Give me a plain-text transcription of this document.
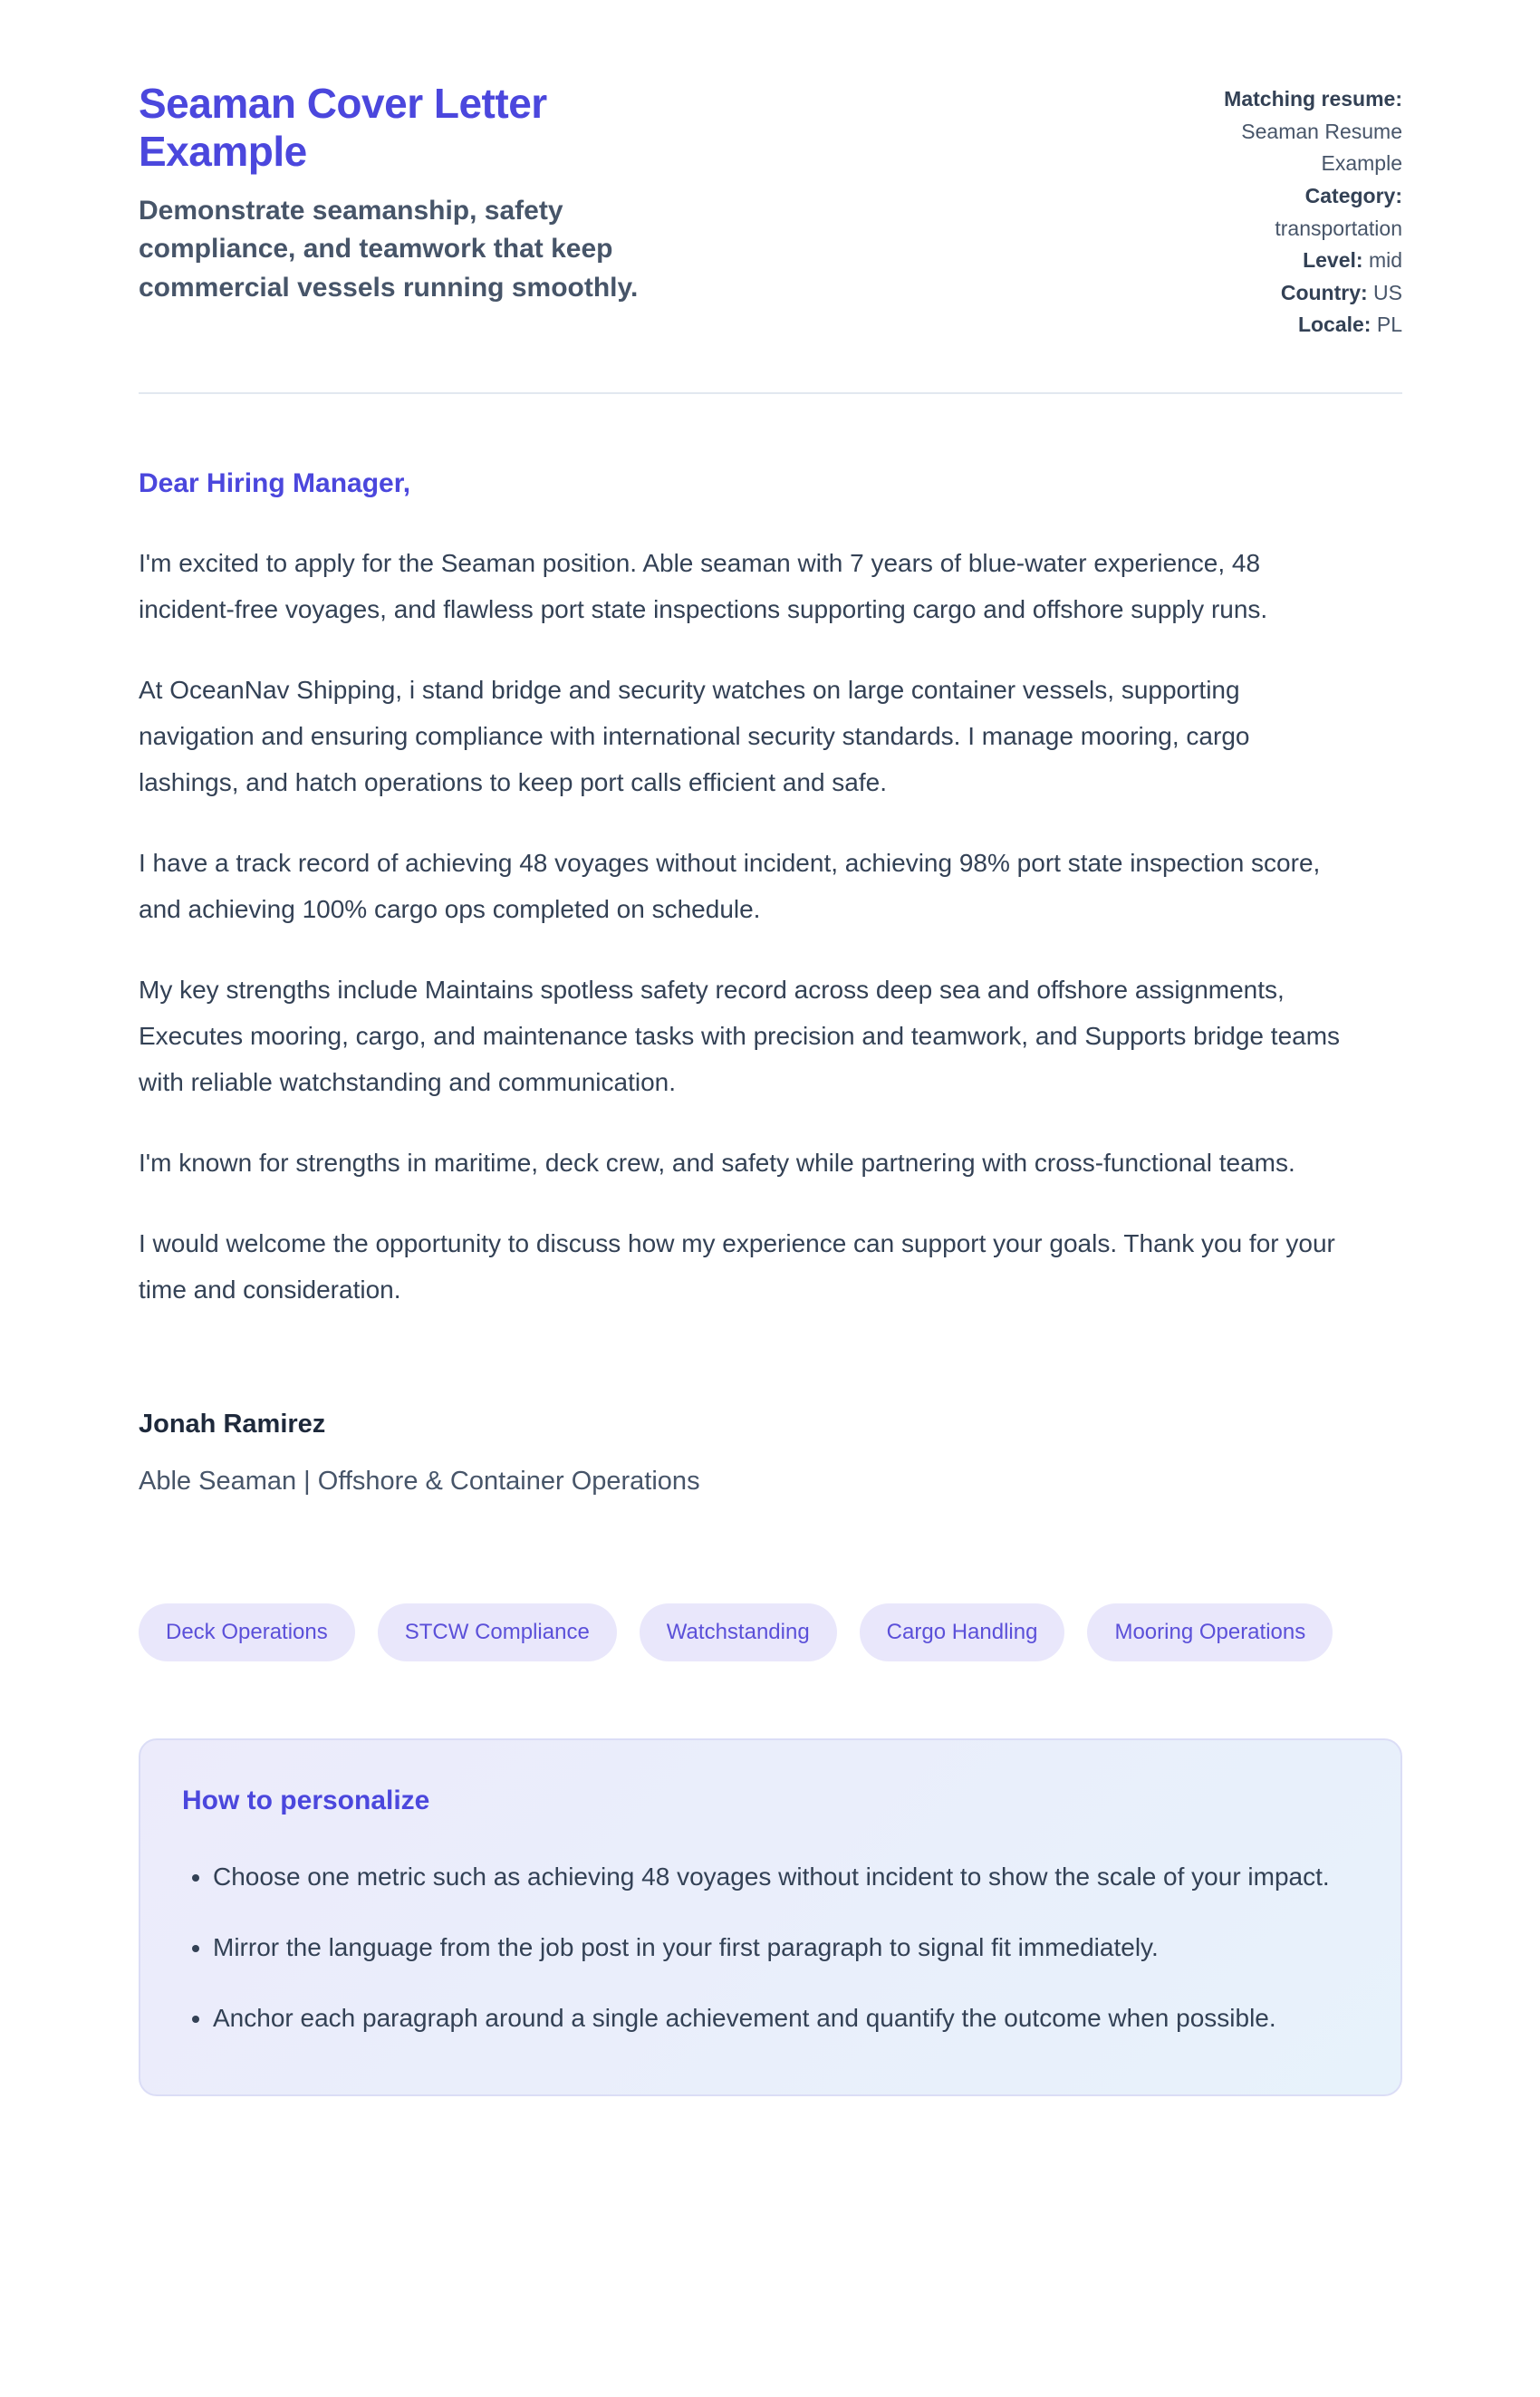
Seaman Cover Letter Example
Demonstrate seamanship, safety compliance, and teamwork that keep commercial vessels running smoothly.
Matching resume: Seaman Resume Example
Category: transportation
Level: mid
Country: US
Locale: PL
Dear Hiring Manager,

I'm excited to apply for the Seaman position. Able seaman with 7 years of blue-water experience, 48 incident-free voyages, and flawless port state inspections supporting cargo and offshore supply runs.

At OceanNav Shipping, i stand bridge and security watches on large container vessels, supporting navigation and ensuring compliance with international security standards. I manage mooring, cargo lashings, and hatch operations to keep port calls efficient and safe.

I have a track record of achieving 48 voyages without incident, achieving 98% port state inspection score, and achieving 100% cargo ops completed on schedule.

My key strengths include Maintains spotless safety record across deep sea and offshore assignments, Executes mooring, cargo, and maintenance tasks with precision and teamwork, and Supports bridge teams with reliable watchstanding and communication.

I'm known for strengths in maritime, deck crew, and safety while partnering with cross-functional teams.

I would welcome the opportunity to discuss how my experience can support your goals. Thank you for your time and consideration.

Jonah Ramirez
Able Seaman | Offshore & Container Operations
Deck Operations	STCW Compliance	Watchstanding	Cargo Handling	Mooring Operations
How to personalize
• Choose one metric such as achieving 48 voyages without incident to show the scale of your impact.
• Mirror the language from the job post in your first paragraph to signal fit immediately.
• Anchor each paragraph around a single achievement and quantify the outcome when possible.
